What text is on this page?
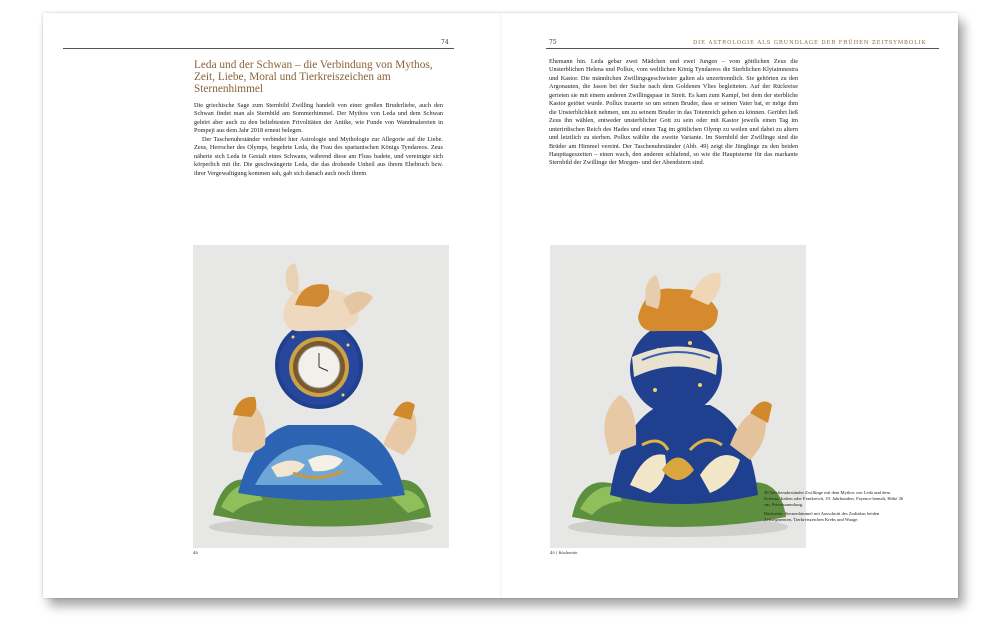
74
Leda und der Schwan – die Verbindung von Mythos, Zeit, Liebe, Moral und Tierkreiszeichen am Sternenhimmel

Die griechische Sage zum Sternbild Zwilling handelt von einer großen Bruderliebe, auch den Schwan findet man als Sternbild am Sommerhimmel. Der Mythos von Leda und dem Schwan gehört aber auch zu den beliebtesten Frivolitäten der Antike, wie Funde von Wandmalereien in Pompeji aus dem Jahr 2018 erneut belegen.

Der Taschenuhrständer verbindet hier Astrologie und Mythologie zur Allegorie auf die Liebe. Zeus, Herrscher des Olymps, begehrte Leda, die Frau des spartanischen Königs Tyndareos. Zeus näherte sich Leda in Gestalt eines Schwans, während diese am Fluss badete, und vereinigte sich körperlich mit ihr. Die geschwängerte Leda, die das drohende Unheil aus ihrem Ehebruch bzw. ihrer Vergewaltigung kommen sah, gab sich danach auch noch ihrem

48
75	DIE ASTROLOGIE ALS GRUNDLAGE DER FRÜHEN ZEITSYMBOLIK

Ehemann hin. Leda gebar zwei Mädchen und zwei Jungen – vom göttlichen Zeus die Unsterblichen Helena und Pollux, vom weltlichen König Tyndareos die Sterblichen Klytaimnestra und Kastor. Die männlichen Zwillingsgeschwister galten als unzertrennlich. Sie gehörten zu den Argonauten, die Jason bei der Suche nach dem Goldenen Vlies begleiteten. Auf der Rückreise gerieten sie mit einem anderen Zwillingspaar in Streit. Es kam zum Kampf, bei dem der sterbliche Kastor getötet wurde. Pollux trauerte so um seinen Bruder, dass er seinen Vater bat, er möge ihm die Unsterblichkeit nehmen, um zu seinem Bruder in das Totenreich gehen zu können. Gerührt ließ Zeus ihn wählen, entweder unsterblicher Gott zu sein oder mit Kastor jeweils einen Tag im unterirdischen Reich des Hades und einen Tag im göttlichen Olymp zu weilen und dabei zu altern und letztlich zu sterben. Pollux wählte die zweite Variante. Im Sternbild der Zwillinge sind die Brüder am Himmel vereint. Der Taschenuhrständer (Abb. 49) zeigt die Jünglinge zu den beiden Haupttageszeiten – einen wach, den anderen schlafend, so wie die Hauptsterne für das markante Sternbild der Zwillinge der Morgen- und der Abendstern sind.

49 | Rückseite

49 Taschenuhrständer Zwillinge mit dem Mythos von Leda und dem Schwan, Italien oder Frankreich, 19. Jahrhundert, Fayence bemalt, Höhe 36 cm, Privatsammlung.

Rückseite: Sternenhimmel mit Ausschnitt des Zodiakus beiden Zeitsegmenten, Tierkreiszeichen Krebs und Waage.
